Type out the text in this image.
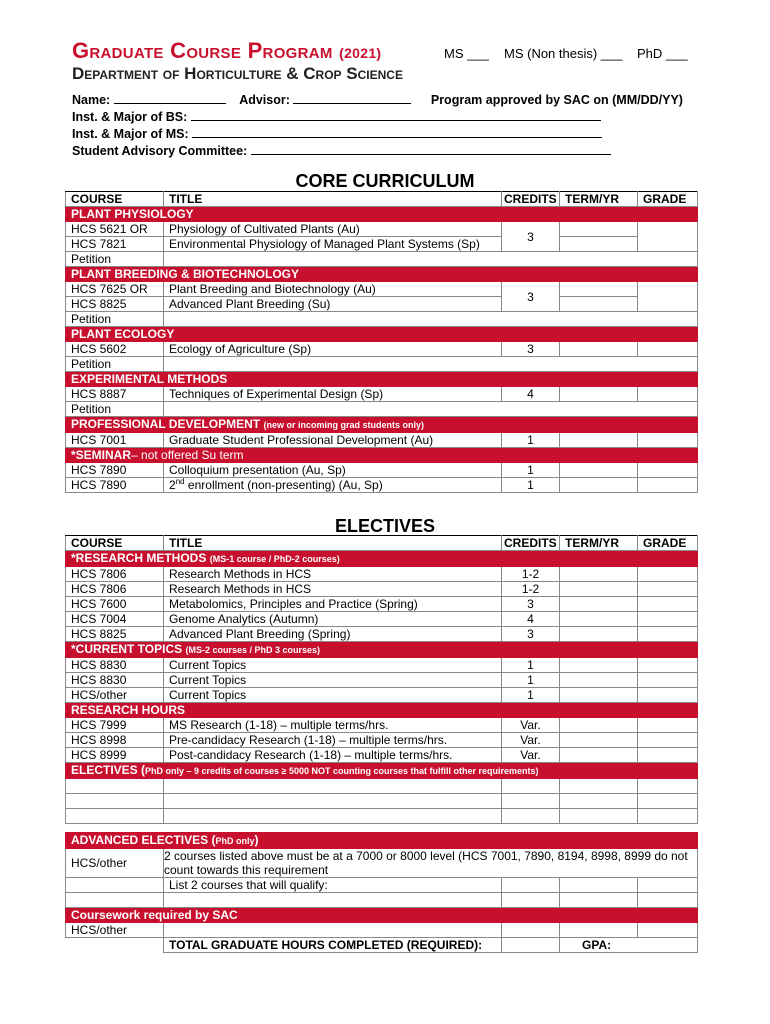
Graduate Course Program (2021)	MS ___ MS (Non thesis) ___ PhD ___
Department of Horticulture & Crop Science
Name:	Advisor:	Program approved by SAC on (MM/DD/YY)
Inst. & Major of BS:
Inst. & Major of MS:
Student Advisory Committee:
CORE CURRICULUM
COURSE	TITLE	CREDITS	TERM/YR	GRADE
PLANT PHYSIOLOGY				
HCS 5621 OR	Physiology of Cultivated Plants (Au)	3		
HCS 7821	Environmental Physiology of Managed Plant Systems (Sp)			

Petition				
PLANT BREEDING & BIOTECHNOLOGY				
HCS 7625 OR	Plant Breeding and Biotechnology (Au)	3		
HCS 8825	Advanced Plant Breeding (Su)			
Petition				
PLANT ECOLOGY				
HCS 5602	Ecology of Agriculture (Sp)	3		
Petition				
EXPERIMENTAL METHODS				
HCS 8887	Techniques of Experimental Design (Sp)	4		
Petition				
PROFESSIONAL DEVELOPMENT (new or incoming grad students only)				
HCS 7001	Graduate Student Professional Development (Au)	1		
*SEMINAR– not offered Su term				
HCS 7890	Colloquium presentation (Au, Sp)	1		
HCS 7890	2nd enrollment (non-presenting) (Au, Sp)	1		
ELECTIVES
COURSE	TITLE	CREDITS	TERM/YR	GRADE
*RESEARCH METHODS (MS-1 course / PhD-2 courses)				
HCS 7806	Research Methods in HCS	1-2		
HCS 7806	Research Methods in HCS	1-2		
HCS 7600	Metabolomics, Principles and Practice (Spring)	3		
HCS 7004	Genome Analytics (Autumn)	4		
HCS 8825	Advanced Plant Breeding (Spring)	3		
*CURRENT TOPICS (MS-2 courses / PhD 3 courses)				
HCS 8830	Current Topics	1		
HCS 8830	Current Topics	1		
HCS/other	Current Topics	1		
RESEARCH HOURS				
HCS 7999	MS Research (1-18) – multiple terms/hrs.	Var.		
HCS 8998	Pre-candidacy Research (1-18) – multiple terms/hrs.	Var.		
HCS 8999	Post-candidacy Research (1-18) – multiple terms/hrs.	Var.		
ELECTIVES (PhD only – 9 credits of courses ≥ 5000 NOT counting courses that fulfill other requirements)				

ADVANCED ELECTIVES (PhD only)				
HCS/other	2 courses listed above must be at a 7000 or 8000 level (HCS 7001, 7890, 8194, 8998, 8999 do not count towards this requirement			
	List 2 courses that will qualify:			

Coursework required by SAC				
HCS/other				
	TOTAL GRADUATE HOURS COMPLETED (REQUIRED):		GPA:	
